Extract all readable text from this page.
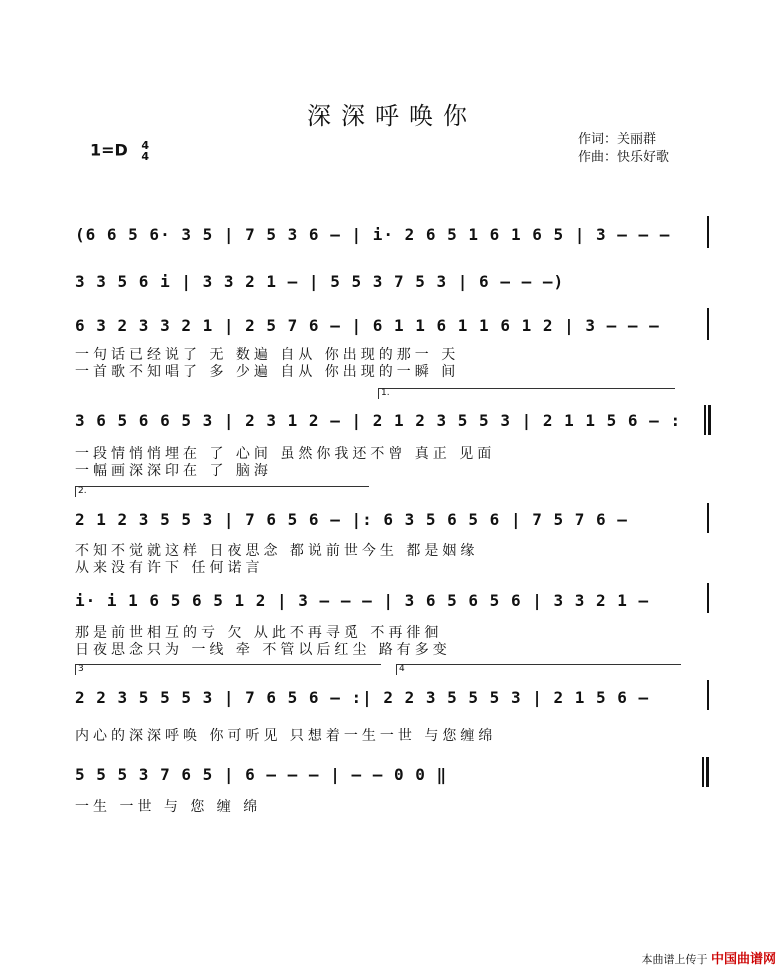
深深呼唤你
1=D 4
4
作词：关丽群
作曲：快乐好歌
(6 6 5 6· 3 5 | 7 5 3 6 – | i· 2 6 5 1 6 1 6 5 | 3 – – –
3 3 5 6 i | 3 3 2 1 – | 5 5 3 7 5 3 | 6 – – –)
6 3 2 3 3 2 1 | 2 5 7 6 – | 6 1 1 6 1 1 6 1 2 | 3 – – –
一句话已经说了 无 数遍 自从 你出现的那一 天
一首歌不知唱了 多 少遍 自从 你出现的一瞬 间
1.
3 6 5 6 6 5 3 | 2 3 1 2 – | 2 1 2 3 5 5 3 | 2 1 1 5 6 – :
一段情悄悄埋在 了 心间 虽然你我还不曾 真正 见面
一幅画深深印在 了 脑海
2.
2 1 2 3 5 5 3 | 7 6 5 6 – |: 6 3 5 6 5 6 | 7 5 7 6 –
不知不觉就这样 日夜思念 都说前世今生 都是姻缘
从来没有许下 任何诺言
i· i 1 6 5 6 5 1 2 | 3 – – – | 3 6 5 6 5 6 | 3 3 2 1 –
那是前世相互的亏 欠 从此不再寻觅 不再徘徊
日夜思念只为 一线 牵 不管以后红尘 路有多变
3	4
2 2 3 5 5 5 3 | 7 6 5 6 – :| 2 2 3 5 5 5 3 | 2 1 5 6 –
内心的深深呼唤 你可听见 只想着一生一世 与您缠绵
5 5 5 3 7 6 5 | 6 – – – | – – 0 0 ‖
一生 一世 与 您 缠 绵
本曲谱上传于 中国曲谱网
